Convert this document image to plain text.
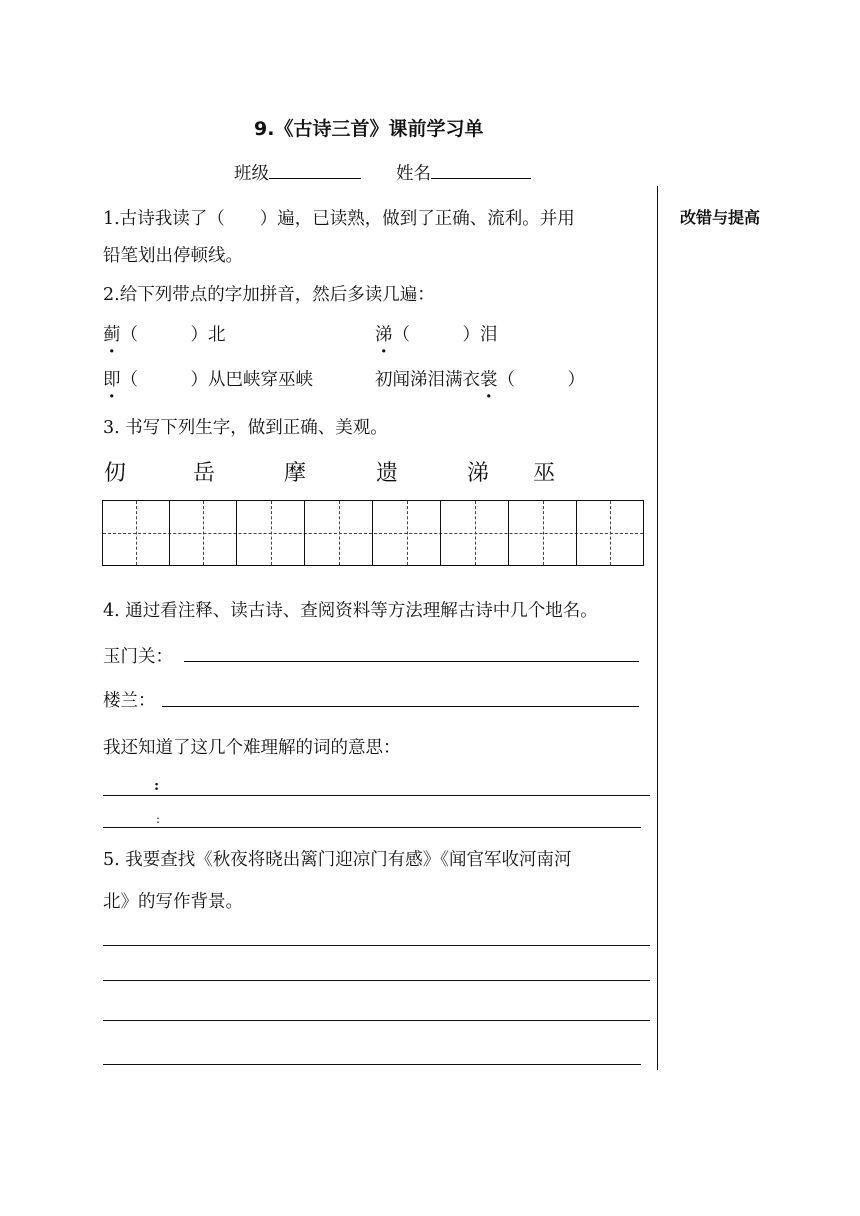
9.《古诗三首》课前学习单
班级	姓名
改错与提高
1.古诗我读了（　　）遍，已读熟，做到了正确、流利。并用
铅笔划出停顿线。
2.给下列带点的字加拼音，然后多读几遍：
蓟（　　　）北	涕（　　　）泪
即（　　　）从巴峡穿巫峡	初闻涕泪满衣裳（　　　）
3. 书写下列生字，做到正确、美观。
仞	岳	摩	遗	涕 巫
4. 通过看注释、读古诗、查阅资料等方法理解古诗中几个地名。
玉门关：
楼兰：
我还知道了这几个难理解的词的意思：
:
:
5. 我要查找《秋夜将晓出篱门迎凉门有感》《闻官军收河南河
北》的写作背景。
